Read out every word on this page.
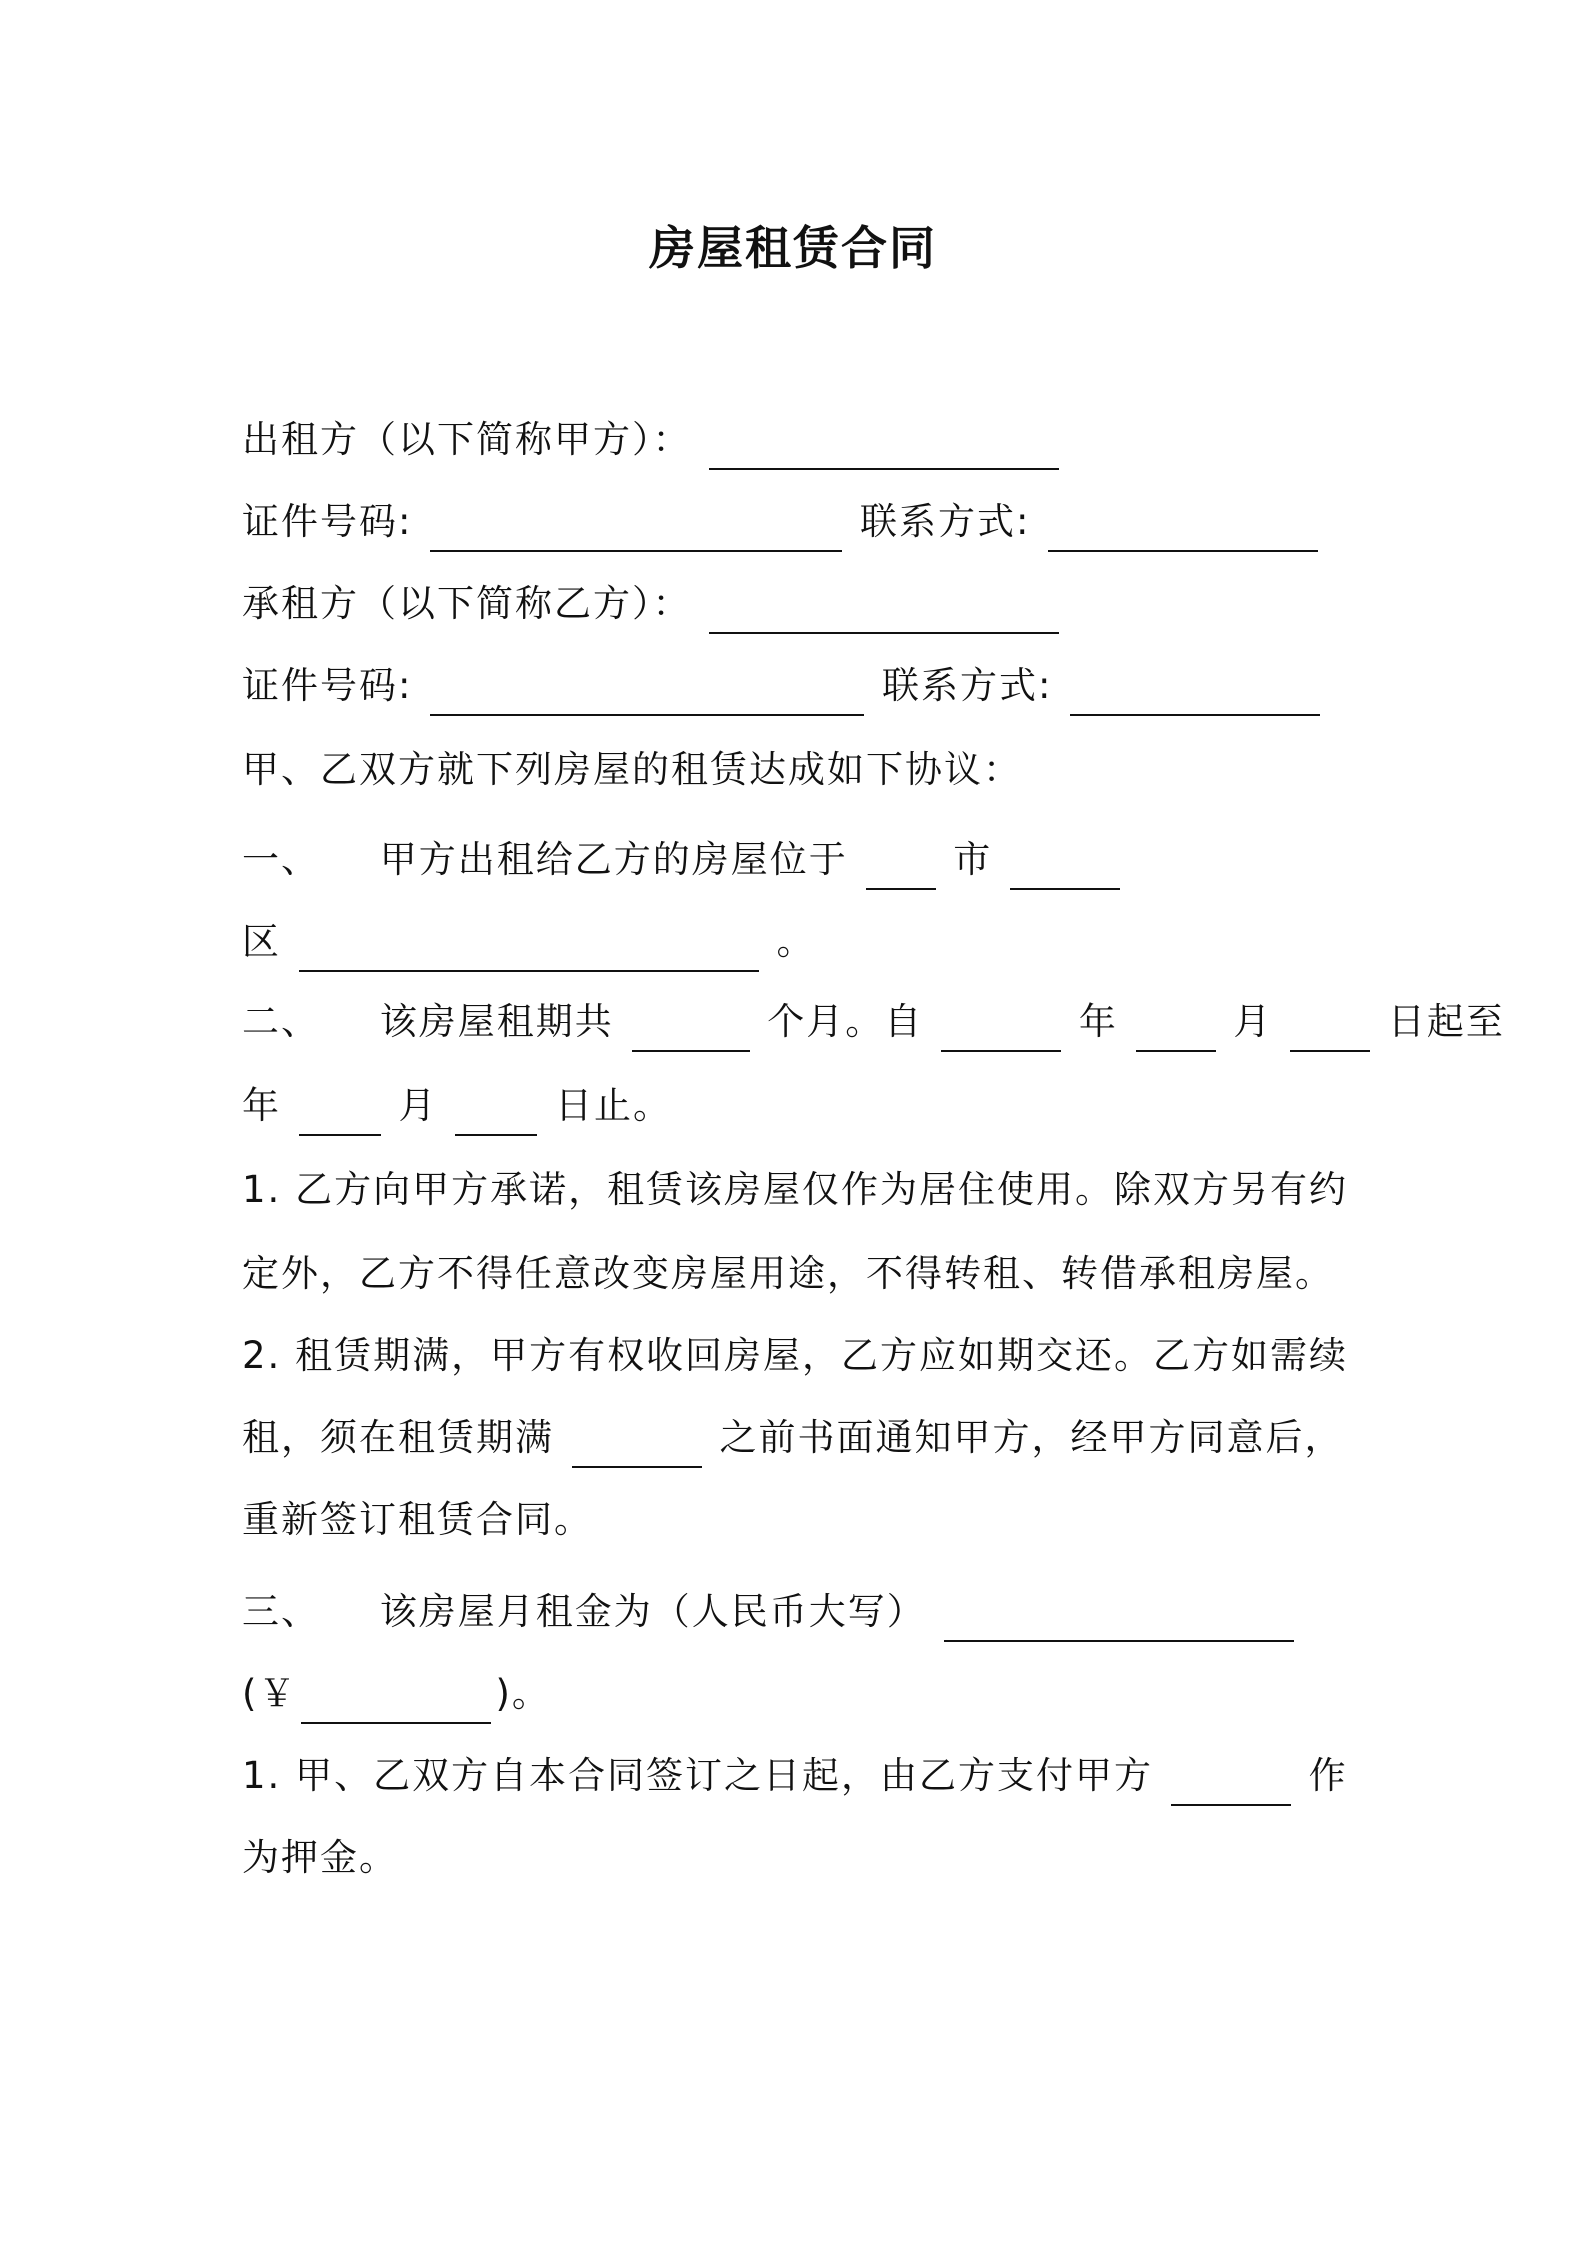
房屋租赁合同
出租方（以下简称甲方）：
证件号码:	联系方式:
承租方（以下简称乙方）：
证件号码:	联系方式:
甲、乙双方就下列房屋的租赁达成如下协议：
一、 甲方出租给乙方的房屋位于	市
区	。
二、 该房屋租期共	个月。自	年	月	日起至
年	月	日止。
1. 乙方向甲方承诺，租赁该房屋仅作为居住使用。除双方另有约
定外，乙方不得任意改变房屋用途，不得转租、转借承租房屋。
2. 租赁期满，甲方有权收回房屋，乙方应如期交还。乙方如需续
租，须在租赁期满	之前书面通知甲方，经甲方同意后，
重新签订租赁合同。
三、 该房屋月租金为（人民币大写）
(￥	)。
1. 甲、乙双方自本合同签订之日起，由乙方支付甲方	作
为押金。
